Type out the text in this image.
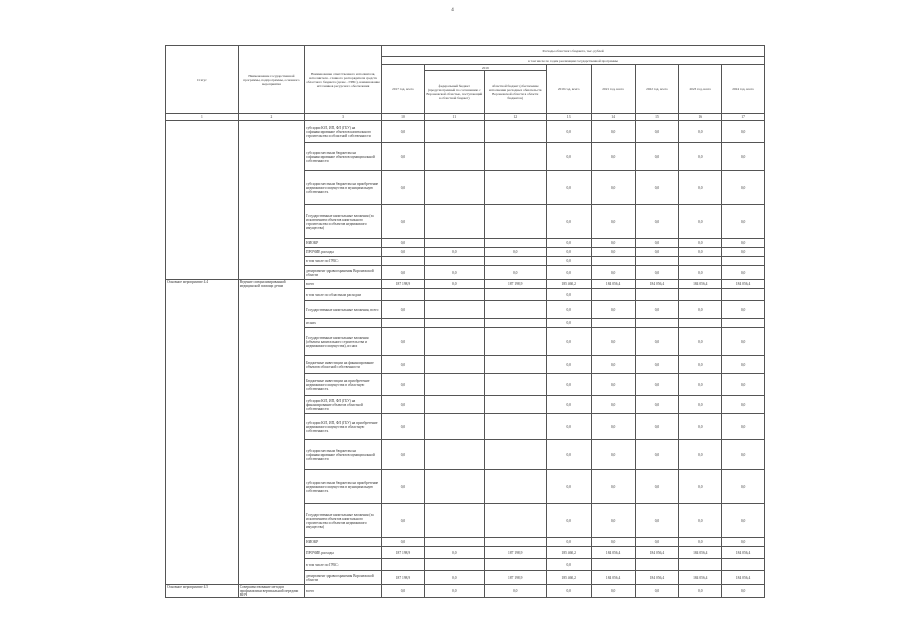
4
Статус	Наименование государственной программы, подпрограммы, основного мероприятия	Наименование ответственного исполнителя, исполнителя - главного распорядителя средств областного бюджета (далее - ГРБС), наименование источников ресурсного обеспечения	Расходы областного бюджета, тыс. рублей							
			в том числе по годам реализации государственной программы							
			2017 год, всего	2019		2019 год, всего	2021 год, всего	2022 год, всего	2023 год, всего	2024 год, всего
				федеральный бюджет (предусмотренный по соглашению с Воронежской областью, поступающий в областной бюджет)	областной бюджет (обеспечение исполнения расходных обязательств Воронежской области в области бюджетов)					
1	2	3	10	11	12	13	14	15	16	17
		субсидии ЮЛ, ИП, ФЛ (ГБУ) на софинансирование объектов капитального строительства и областной собственности	0,0			0,0	0,0	0,0	0,0	0,0
		субсидии местным бюджетам на софинансирование объектов муниципальной собственности	0,0			0,0	0,0	0,0	0,0	0,0
		субсидии местным бюджетам на приобретение недвижимого имущества в муниципальную собственность	0,0			0,0	0,0	0,0	0,0	0,0
		Государственные капитальные вложения (за исключением объектов капитального строительства и объектов недвижимого имущества)	0,0			0,0	0,0	0,0	0,0	0,0
		НИОКР	0,0			0,0	0,0	0,0	0,0	0,0
		ПРОЧИЕ расходы	0,0	0,0	0,0	0,0	0,0	0,0	0,0	0,0
		в том числе по ГРБС:				0,0				
		департамент здравоохранения Воронежской области	0,0	0,0	0,0	0,0	0,0	0,0	0,0	0,0
Основное мероприятие 4.4	Ведение специализированной медицинской помощи детям	всего	187 198,9	0,0	187 198,9	185 460,2	184 056,4	184 056,4	184 056,4	184 056,4
		в том числе по областным расходам				0,0				
		Государственные капитальные вложения, всего	0,0			0,0	0,0	0,0	0,0	0,0
		из них				0,0				
		Государственные капитальные вложения (объекты капитального строительства и недвижимого имущества), из них	0,0			0,0	0,0	0,0	0,0	0,0
		Бюджетные инвестиции на финансирование объектов областной собственности	0,0			0,0	0,0	0,0	0,0	0,0
		Бюджетные инвестиции на приобретение недвижимого имущества в областную собственность	0,0			0,0	0,0	0,0	0,0	0,0
		субсидии ЮЛ, ИП, ФЛ (ГБУ) на финансирование объектов областной собственности	0,0			0,0	0,0	0,0	0,0	0,0
		субсидии ЮЛ, ИП, ФЛ (ГБУ) на приобретение недвижимого имущества в областную собственность	0,0			0,0	0,0	0,0	0,0	0,0
		субсидии местным бюджетам на софинансирование объектов муниципальной собственности	0,0			0,0	0,0	0,0	0,0	0,0
		субсидии местным бюджетам на приобретение недвижимого имущества в муниципальную собственность	0,0			0,0	0,0	0,0	0,0	0,0
		Государственные капитальные вложения (за исключением объектов капитального строительства и объектов недвижимого имущества)	0,0			0,0	0,0	0,0	0,0	0,0
		НИОКР	0,0			0,0	0,0	0,0	0,0	0,0
		ПРОЧИЕ расходы	187 198,9	0,0	187 198,9	185 460,2	184 056,4	184 056,4	184 056,4	184 056,4
		в том числе по ГРБС:				0,0				
		департамент здравоохранения Воронежской области	187 198,9	0,0	187 198,9	185 460,2	184 056,4	184 056,4	184 056,4	184 056,4
Основное мероприятие 4.5	Совершенствование методов профилактики вертикальной передачи ВИЧ	всего	0,0	0,0	0,0	0,0	0,0	0,0	0,0	0,0
